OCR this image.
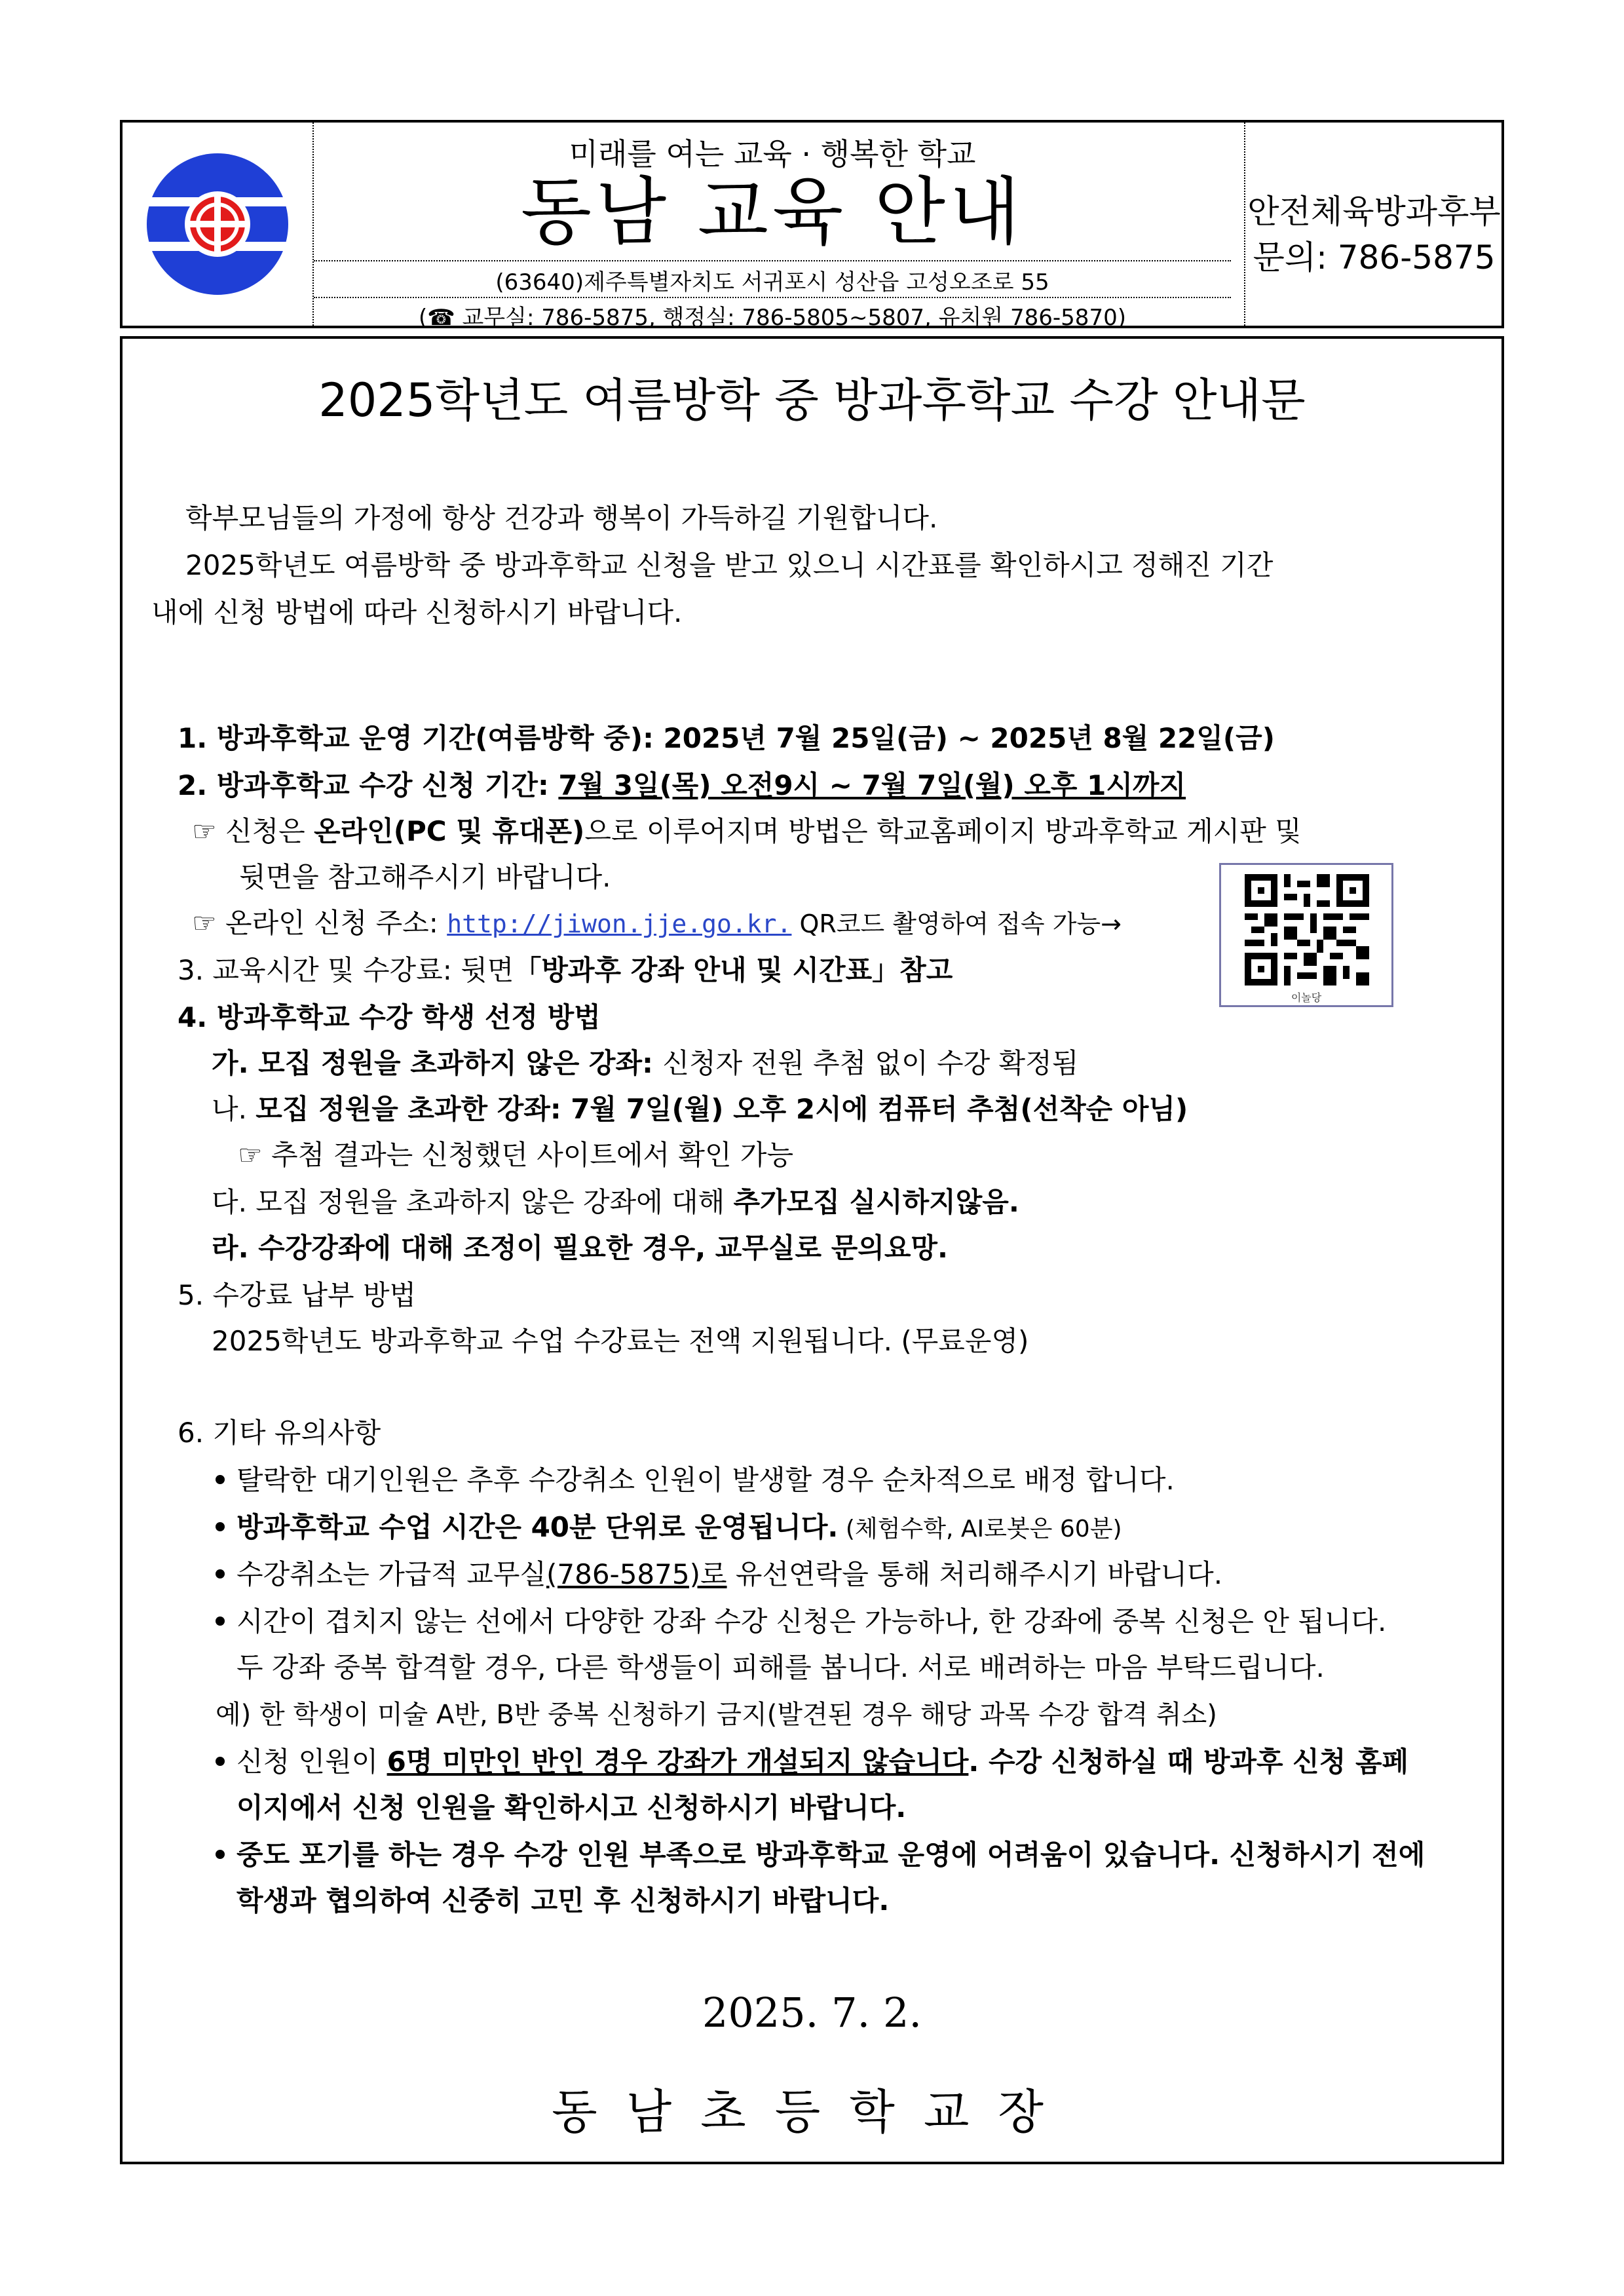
미래를 여는 교육 · 행복한 학교
동남 교육 안내
(63640)제주특별자치도 서귀포시 성산읍 고성오조로 55
(☎ 교무실: 786-5875, 행정실: 786-5805~5807, 유치원 786-5870)
안전체육방과후부
문의: 786-5875
2025학년도 여름방학 중 방과후학교 수강 안내문
학부모님들의 가정에 항상 건강과 행복이 가득하길 기원합니다.
2025학년도 여름방학 중 방과후학교 신청을 받고 있으니 시간표를 확인하시고 정해진 기간
내에 신청 방법에 따라 신청하시기 바랍니다.
1. 방과후학교 운영 기간(여름방학 중): 2025년 7월 25일(금) ~ 2025년 8월 22일(금)
2. 방과후학교 수강 신청 기간: 7월 3일(목) 오전9시 ~ 7월 7일(월) 오후 1시까지
☞ 신청은 온라인(PC 및 휴대폰)으로 이루어지며 방법은 학교홈페이지 방과후학교 게시판 및
뒷면을 참고해주시기 바랍니다.
☞ 온라인 신청 주소: http://jiwon.jje.go.kr. QR코드 촬영하여 접속 가능→
이놀당
3. 교육시간 및 수강료: 뒷면「방과후 강좌 안내 및 시간표」참고
4. 방과후학교 수강 학생 선정 방법
가. 모집 정원을 초과하지 않은 강좌: 신청자 전원 추첨 없이 수강 확정됨
나. 모집 정원을 초과한 강좌: 7월 7일(월) 오후 2시에 컴퓨터 추첨(선착순 아님)
☞ 추첨 결과는 신청했던 사이트에서 확인 가능
다. 모집 정원을 초과하지 않은 강좌에 대해 추가모집 실시하지않음.
라. 수강강좌에 대해 조정이 필요한 경우, 교무실로 문의요망.
5. 수강료 납부 방법
2025학년도 방과후학교 수업 수강료는 전액 지원됩니다. (무료운영)
6. 기타 유의사항
탈락한 대기인원은 추후 수강취소 인원이 발생할 경우 순차적으로 배정 합니다.
방과후학교 수업 시간은 40분 단위로 운영됩니다. (체험수학, AI로봇은 60분)
수강취소는 가급적 교무실(786-5875)로 유선연락을 통해 처리해주시기 바랍니다.
시간이 겹치지 않는 선에서 다양한 강좌 수강 신청은 가능하나, 한 강좌에 중복 신청은 안 됩니다.
두 강좌 중복 합격할 경우, 다른 학생들이 피해를 봅니다. 서로 배려하는 마음 부탁드립니다.
예) 한 학생이 미술 A반, B반 중복 신청하기 금지(발견된 경우 해당 과목 수강 합격 취소)
신청 인원이 6명 미만인 반인 경우 강좌가 개설되지 않습니다. 수강 신청하실 때 방과후 신청 홈페
이지에서 신청 인원을 확인하시고 신청하시기 바랍니다.
중도 포기를 하는 경우 수강 인원 부족으로 방과후학교 운영에 어려움이 있습니다. 신청하시기 전에
학생과 협의하여 신중히 고민 후 신청하시기 바랍니다.
2025. 7. 2.
동남초등학교장
